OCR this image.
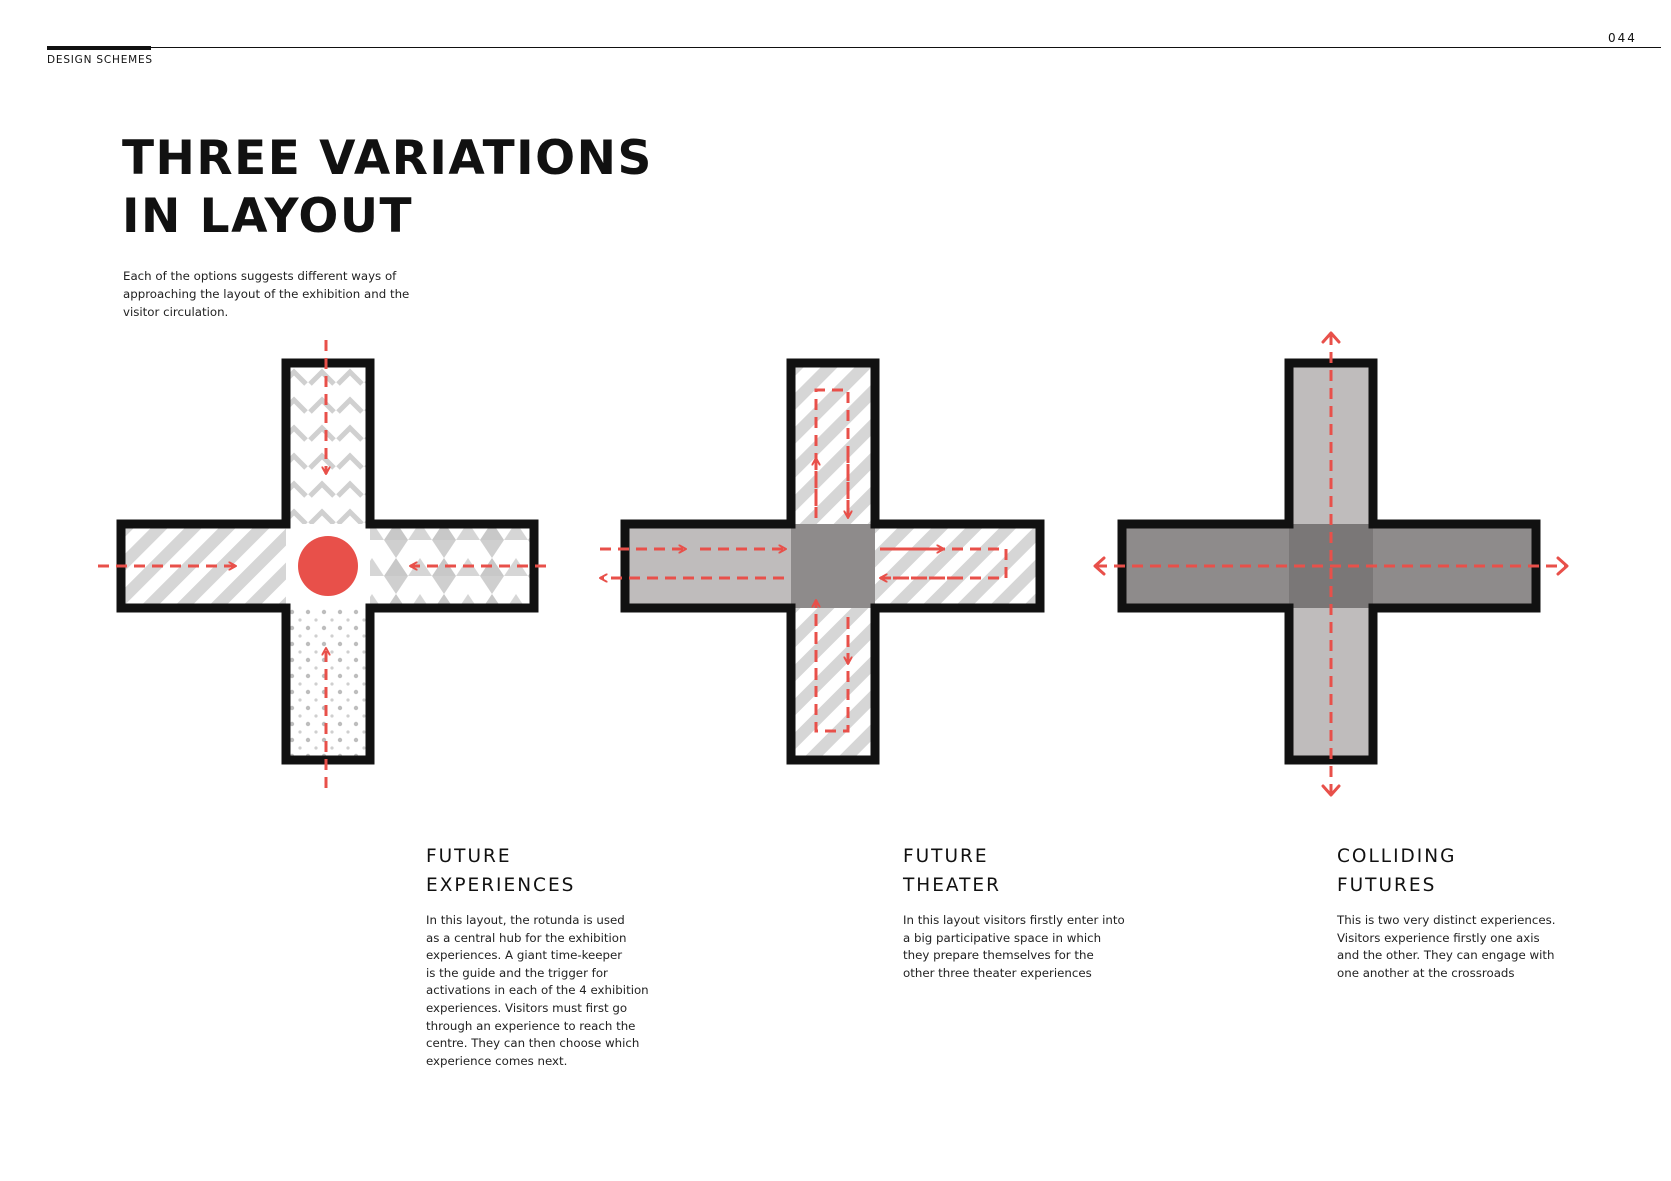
DESIGN SCHEMES
044
THREE VARIATIONS
IN LAYOUT
Each of the options suggests different ways of
approaching the layout of the exhibition and the
visitor circulation.
FUTURE
EXPERIENCES
In this layout, the rotunda is used
as a central hub for the exhibition
experiences. A giant time-keeper
is the guide and the trigger for
activations in each of the 4 exhibition
experiences. Visitors must first go
through an experience to reach the
centre. They can then choose which
experience comes next.
FUTURE
THEATER
In this layout visitors firstly enter into
a big participative space in which
they prepare themselves for the
other three theater experiences
COLLIDING
FUTURES
This is two very distinct experiences.
Visitors experience firstly one axis
and the other. They can engage with
one another at the crossroads
